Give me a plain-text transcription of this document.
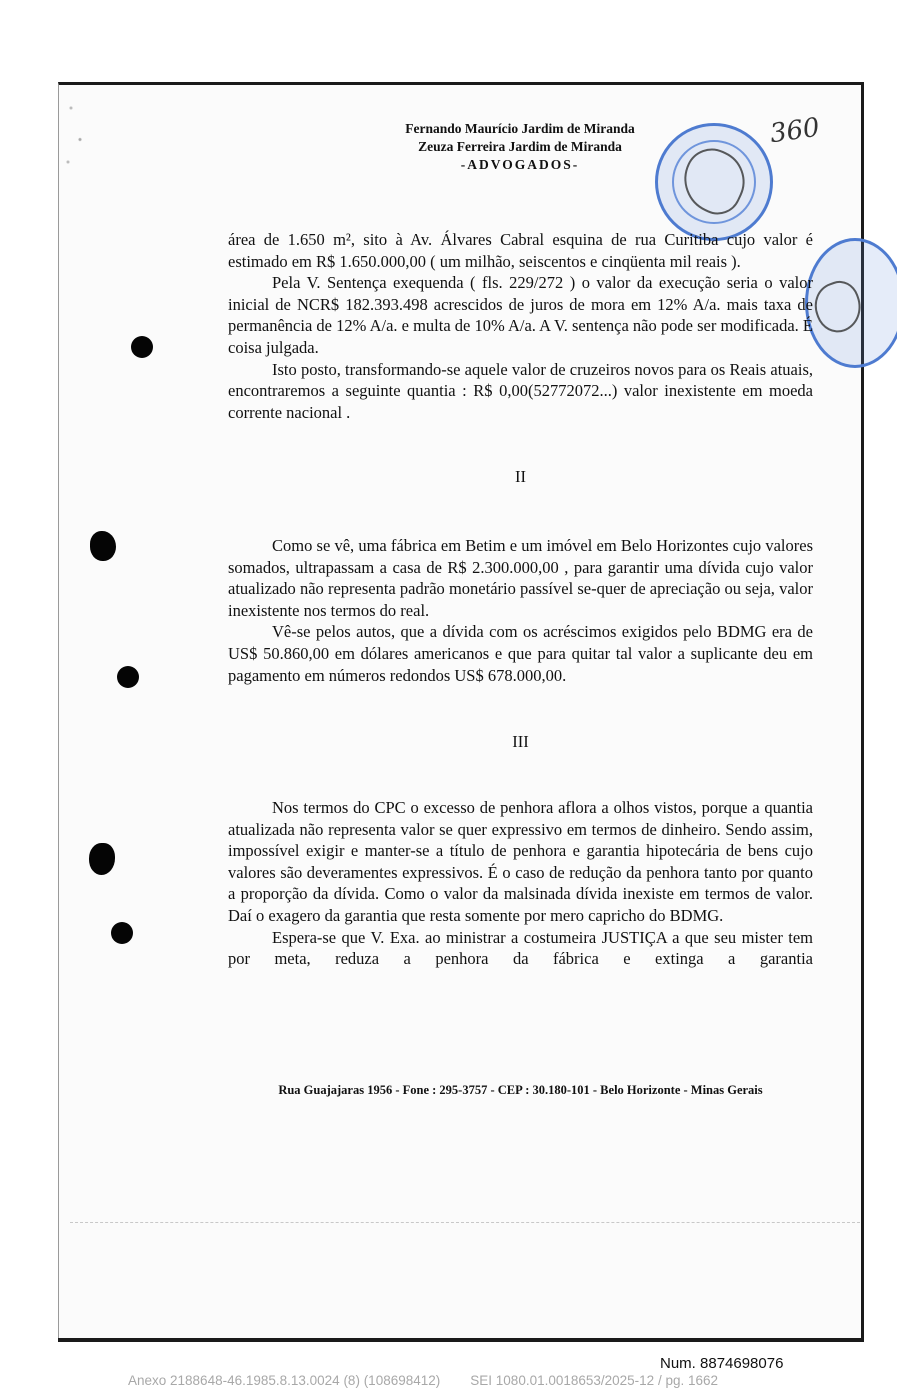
Fernando Maurício Jardim de Miranda
Zeuza Ferreira Jardim de Miranda
-ADVOGADOS-
360

área de 1.650 m², sito à Av. Álvares Cabral esquina de rua Curitiba cujo valor é estimado em R$ 1.650.000,00 ( um milhão, seiscentos e cinqüenta mil reais ).

Pela V. Sentença exequenda ( fls. 229/272 ) o valor da execução seria o valor inicial de NCR$ 182.393.498 acrescidos de juros de mora em 12% A/a. mais taxa de permanência de 12% A/a. e multa de 10% A/a. A V. sentença não pode ser modificada. É coisa julgada.

Isto posto, transformando-se aquele valor de cruzeiros novos para os Reais atuais, encontraremos a seguinte quantia : R$ 0,00(52772072...) valor inexistente em moeda corrente nacional .

II

Como se vê, uma fábrica em Betim e um imóvel em Belo Horizontes cujo valores somados, ultrapassam a casa de R$ 2.300.000,00 , para garantir uma dívida cujo valor atualizado não representa padrão monetário passível se-quer de apreciação ou seja, valor inexistente nos termos do real.

Vê-se pelos autos, que a dívida com os acréscimos exigidos pelo BDMG era de US$ 50.860,00 em dólares americanos e que para quitar tal valor a suplicante deu em pagamento em números redondos US$ 678.000,00.

III

Nos termos do CPC o excesso de penhora aflora a olhos vistos, porque a quantia atualizada não representa valor se quer expressivo em termos de dinheiro. Sendo assim, impossível exigir e manter-se a título de penhora e garantia hipotecária de bens cujo valores são deveramentes expressivos. É o caso de redução da penhora tanto por quanto a proporção da dívida. Como o valor da malsinada dívida inexiste em termos de valor. Daí o exagero da garantia que resta somente por mero capricho do BDMG.

Espera-se que V. Exa. ao ministrar a costumeira JUSTIÇA a que seu mister tem por meta, reduza a penhora da fábrica e extinga a garantia

Rua Guajajaras 1956 - Fone : 295-3757 - CEP : 30.180-101 - Belo Horizonte - Minas Gerais
Num. 8874698076
Anexo 2188648-46.1985.8.13.0024 (8) (108698412) SEI 1080.01.0018653/2025-12 / pg. 1662
